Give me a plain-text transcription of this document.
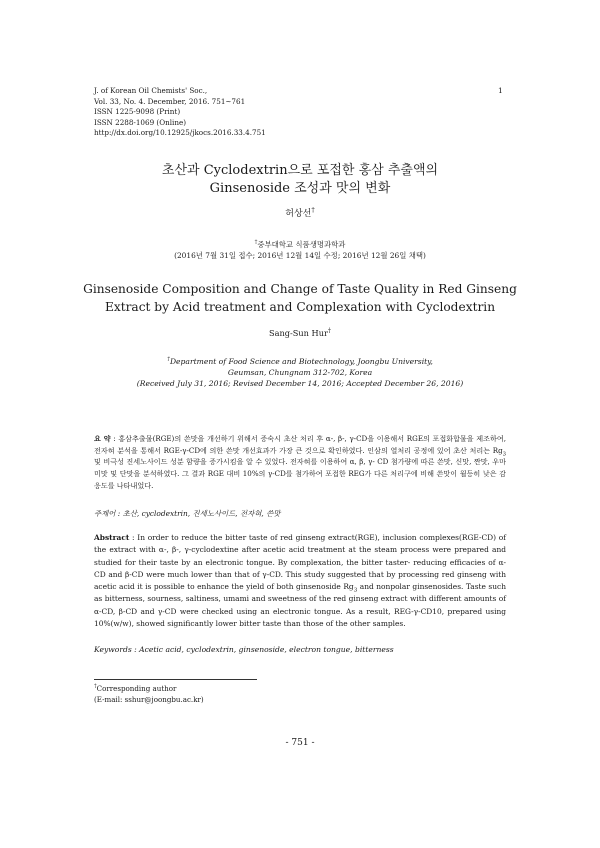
J. of Korean Oil Chemists' Soc.,
Vol. 33, No. 4. December, 2016. 751~761
ISSN 1225-9098 (Print)
ISSN 2288-1069 (Online)
http://dx.doi.org/10.12925/jkocs.2016.33.4.751
1
초산과 Cyclodextrin으로 포접한 홍삼 추출액의
Ginsenoside 조성과 맛의 변화
허상선†
†중부대학교 식품생명과학과
(2016년 7월 31일 접수; 2016년 12월 14일 수정; 2016년 12월 26일 채택)
Ginsenoside Composition and Change of Taste Quality in Red Ginseng
Extract by Acid treatment and Complexation with Cyclodextrin
Sang-Sun Hur†
†Department of Food Science and Biotechnology, Joongbu University,
Geumsan, Chungnam 312-702, Korea
(Received July 31, 2016; Revised December 14, 2016; Accepted December 26, 2016)
요 약 : 홍삼추출물(RGE)의 쓴맛을 개선하기 위해서 증숙시 초산 처리 후 α-, β-, γ-CD을 이용해서 RGE의 포접화합물을 제조하여, 전자혀 분석을 통해서 RGE-γ-CD에 의한 쓴맛 개선효과가 가장 큰 것으로 확인하였다. 인삼의 열처리 공정에 있어 초산 처리는 $Rg_3$ 및 비극성 진세노사이드 성분 함량을 증가시킴을 알 수 있었다. 전자혀를 이용하여 α, β, γ- CD 첨가량에 따른 쓴맛, 신맛, 짠맛, 우마미맛 및 단맛을 분석하였다. 그 결과 RGE 대비 10%의 γ-CD를 첨가하여 포접한 REG가 다른 처리구에 비해 쓴맛이 월등히 낮은 감응도를 나타내었다.
주제어 : 초산, cyclodextrin, 진세노사이드, 전자혀, 쓴맛
Abstract : In order to reduce the bitter taste of red ginseng extract(RGE), inclusion complexes(RGE-CD) of the extract with α-, β-, γ-cyclodextine after acetic acid treatment at the steam process were prepared and studied for their taste by an electronic tongue. By complexation, the bitter taster- reducing efficacies of α-CD and β-CD were much lower than that of γ-CD. This study suggested that by processing red ginseng with acetic acid it is possible to enhance the yield of both ginsenoside $Rg_3$ and nonpolar ginsenosides. Taste such as bitterness, sourness, saltiness, umami and sweetness of the red ginseng extract with different amounts of α-CD, β-CD and γ-CD were checked using an electronic tongue. As a result, REG-γ-CD10, prepared using 10%(w/w), showed significantly lower bitter taste than those of the other samples.
Keywords : Acetic acid, cyclodextrin, ginsenoside, electron tongue, bitterness
†Corresponding author
(E-mail: sshur@joongbu.ac.kr)
- 751 -
